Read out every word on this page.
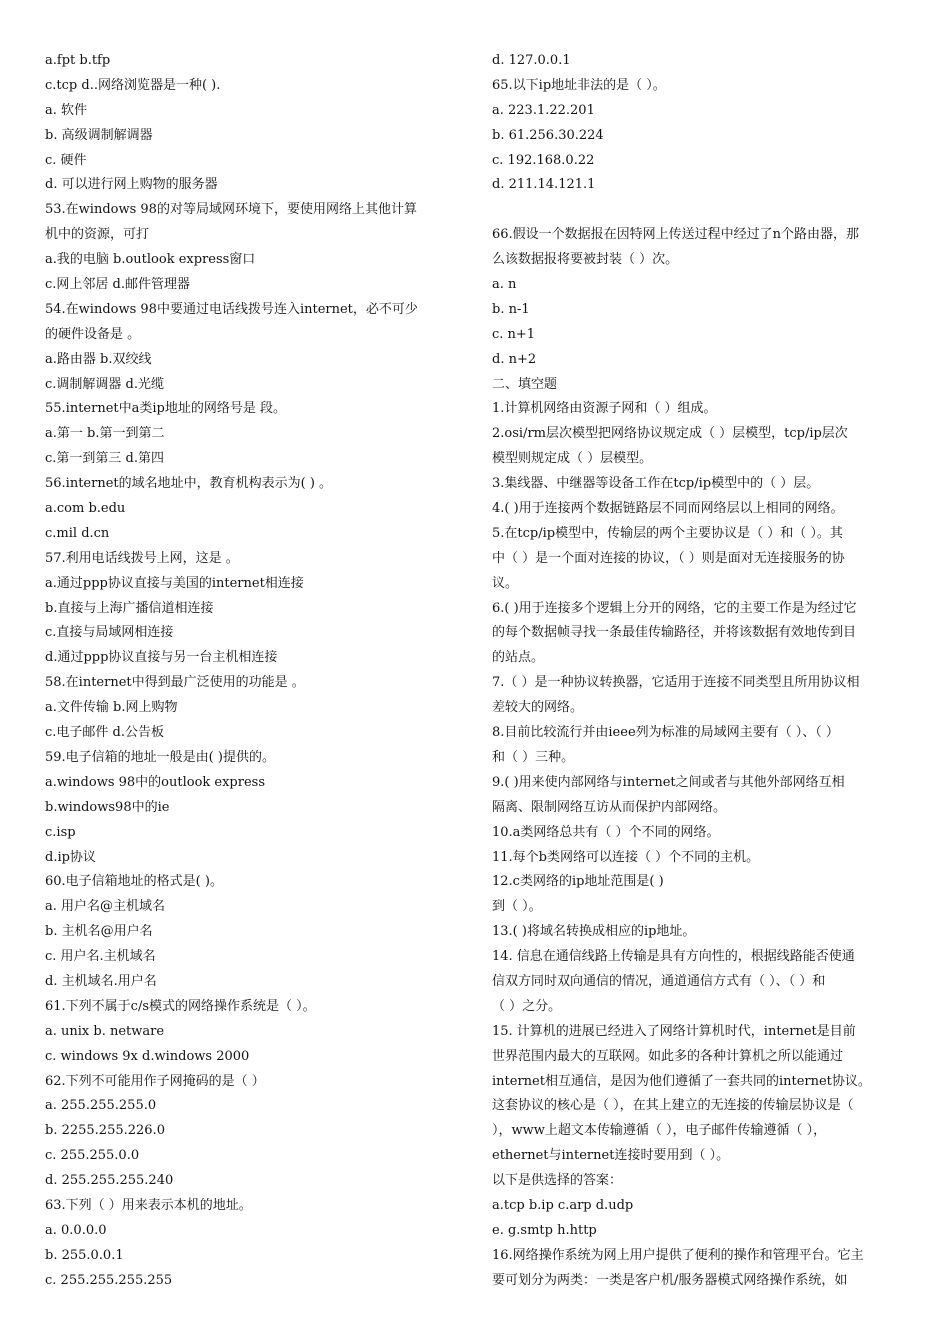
a.fpt b.tfp
c.tcp d..网络浏览器是一种( ).
a. 软件
b. 高级调制解调器
c. 硬件
d. 可以进行网上购物的服务器
53.在windows 98的对等局域网环境下，要使用网络上其他计算
机中的资源，可打
a.我的电脑 b.outlook express窗口
c.网上邻居 d.邮件管理器
54.在windows 98中要通过电话线拨号连入internet，必不可少
的硬件设备是 。
a.路由器 b.双绞线
c.调制解调器 d.光缆
55.internet中a类ip地址的网络号是 段。
a.第一 b.第一到第二
c.第一到第三 d.第四
56.internet的域名地址中，教育机构表示为( ) 。
a.com b.edu
c.mil d.cn
57.利用电话线拨号上网，这是 。
a.通过ppp协议直接与美国的internet相连接
b.直接与上海广播信道相连接
c.直接与局域网相连接
d.通过ppp协议直接与另一台主机相连接
58.在internet中得到最广泛使用的功能是 。
a.文件传输 b.网上购物
c.电子邮件 d.公告板
59.电子信箱的地址一般是由( )提供的。
a.windows 98中的outlook express
b.windows98中的ie
c.isp
d.ip协议
60.电子信箱地址的格式是( )。
a. 用户名@主机域名
b. 主机名@用户名
c. 用户名.主机域名
d. 主机域名.用户名
61.下列不属于c/s模式的网络操作系统是（ ）。
a. unix b. netware
c. windows 9x d.windows 2000
62.下列不可能用作子网掩码的是（ ）
a. 255.255.255.0
b. 2255.255.226.0
c. 255.255.0.0
d. 255.255.255.240
63.下列（ ）用来表示本机的地址。
a. 0.0.0.0
b. 255.0.0.1
c. 255.255.255.255
d. 127.0.0.1
65.以下ip地址非法的是（ ）。
a. 223.1.22.201
b. 61.256.30.224
c. 192.168.0.22
d. 211.14.121.1
66.假设一个数据报在因特网上传送过程中经过了n个路由器，那
么该数据报将要被封装（ ）次。
a. n
b. n-1
c. n+1
d. n+2
二、填空题
1.计算机网络由资源子网和（ ）组成。
2.osi/rm层次模型把网络协议规定成（ ）层模型，tcp/ip层次
模型则规定成（ ）层模型。
3.集线器、中继器等设备工作在tcp/ip模型中的（ ）层。
4.( )用于连接两个数据链路层不同而网络层以上相同的网络。
5.在tcp/ip模型中，传输层的两个主要协议是（ ）和（ ）。其
中（ ）是一个面对连接的协议，（ ）则是面对无连接服务的协
议。
6.( )用于连接多个逻辑上分开的网络，它的主要工作是为经过它
的每个数据帧寻找一条最佳传输路径，并将该数据有效地传到目
的站点。
7.（ ）是一种协议转换器，它适用于连接不同类型且所用协议相
差较大的网络。
8.目前比较流行并由ieee列为标准的局域网主要有（ ）、（ ）
和（ ）三种。
9.( )用来使内部网络与internet之间或者与其他外部网络互相
隔离、限制网络互访从而保护内部网络。
10.a类网络总共有（ ）个不同的网络。
11.每个b类网络可以连接（ ）个不同的主机。
12.c类网络的ip地址范围是( )
到（ ）。
13.( )将域名转换成相应的ip地址。
14. 信息在通信线路上传输是具有方向性的，根据线路能否使通
信双方同时双向通信的情况，通道通信方式有（ ）、（ ）和
（ ）之分。
15. 计算机的进展已经进入了网络计算机时代，internet是目前
世界范围内最大的互联网。如此多的各种计算机之所以能通过
internet相互通信，是因为他们遵循了一套共同的internet协议。
这套协议的核心是（ ），在其上建立的无连接的传输层协议是（
），www上超文本传输遵循（ ），电子邮件传输遵循（ ），
ethernet与internet连接时要用到（ ）。
以下是供选择的答案：
a.tcp b.ip c.arp d.udp
e. g.smtp h.http
16.网络操作系统为网上用户提供了便利的操作和管理平台。它主
要可划分为两类：一类是客户机/服务器模式网络操作系统，如
